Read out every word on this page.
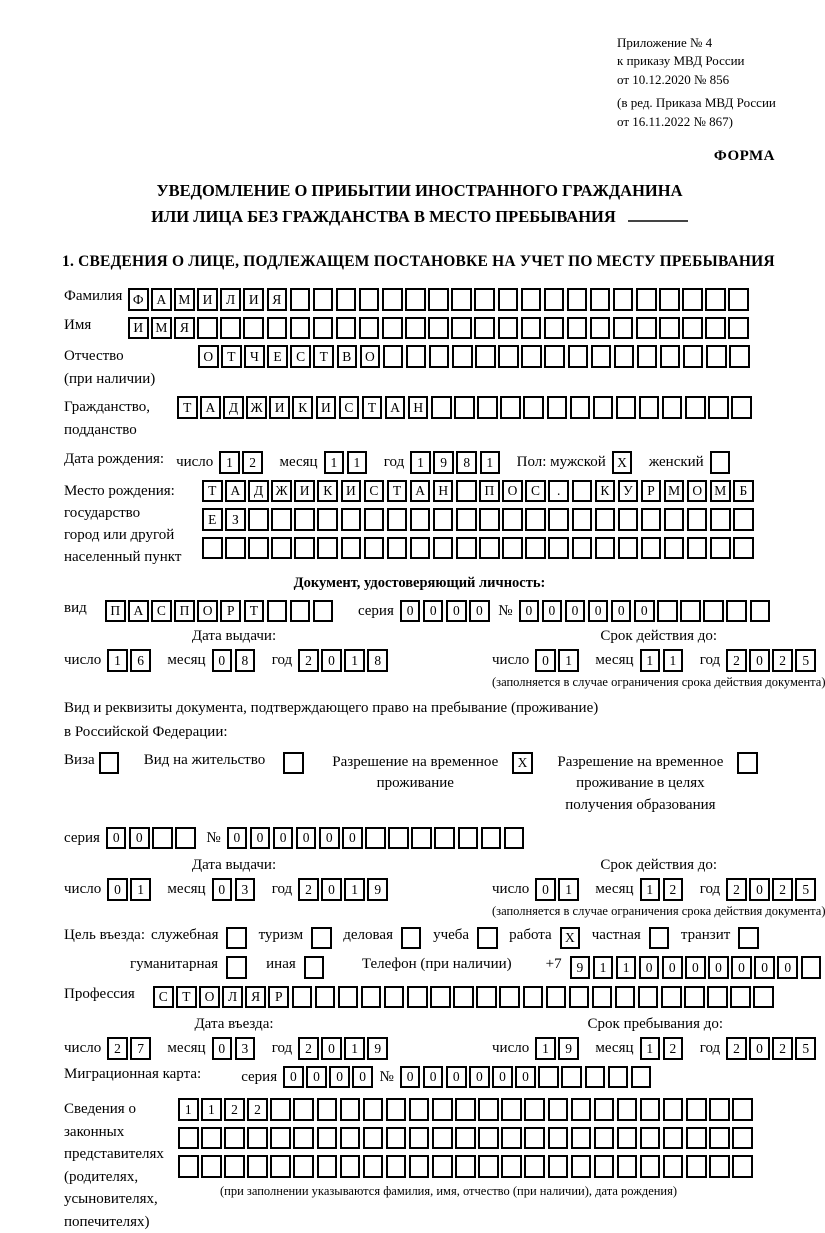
Приложение № 4
к приказу МВД России
от 10.12.2020 № 856
(в ред. Приказа МВД России
от 16.11.2022 № 867)
ФОРМА
УВЕДОМЛЕНИЕ О ПРИБЫТИИ ИНОСТРАННОГО ГРАЖДАНИНА
ИЛИ ЛИЦА БЕЗ ГРАЖДАНСТВА В МЕСТО ПРЕБЫВАНИЯ
1. СВЕДЕНИЯ О ЛИЦЕ, ПОДЛЕЖАЩЕМ ПОСТАНОВКЕ НА УЧЕТ ПО МЕСТУ ПРЕБЫВАНИЯ
Фамилия Ф А М И	Л	И	Я
Имя	И М Я
Отчество
(при наличии)
О	Т	Ч	Е	С	Т	В	О
Гражданство,
подданство
Т	А	Д Ж И	К	И	С	Т	А Н
Дата рождения: число 1	2	месяц 1	1	год 1	9	8	1	Пол: мужской X	женский
Место рождения:
государство
город или другой
населенный пункт
Т	А	Д Ж И	К	И	С	Т	А Н	П О	С	.	К	У	Р М О М Б
Е	З
Документ, удостоверяющий личность:
вид	П А	С	П О	Р	Т	серия 0	0	0	0	№ 0	0	0	0	0	0
Дата выдачи:
число 1	6	месяц 0	8	год 2	0	1	8
Срок действия до:
число 0	1	месяц 1	1	год 2	0	2	5
(заполняется в случае ограничения срока действия документа)
Вид и реквизиты документа, подтверждающего право на пребывание (проживание)
в Российской Федерации:
Виза	Вид на жительство	Разрешение на временное
проживание
X	Разрешение на временное
проживание в целях
получения образования
серия 0	0	№ 0	0	0	0	0	0
Дата выдачи:
число 0	1	месяц 0	3	год 2	0	1	9
Срок действия до:
число 0	1	месяц 1	2	год 2	0	2	5
(заполняется в случае ограничения срока действия документа)
Цель въезда: служебная	туризм	деловая	учеба	работа X	частная	транзит
гуманитарная	иная	Телефон (при наличии) +7	9	1	1	0	0	0	0	0	0	0
Профессия	С	Т	О	Л	Я	Р
Дата въезда:
число 2	7	месяц 0	3	год 2	0	1	9
Срок пребывания до:
число 1	9	месяц 1	2	год 2	0	2	5
Миграционная карта:	серия 0	0	0	0 № 0	0	0	0	0	0
Сведения о
законных
представителях
(родителях,
усыновителях,
попечителях)
1	1	2	2
(при заполнении указываются фамилия, имя, отчество (при наличии), дата рождения)
